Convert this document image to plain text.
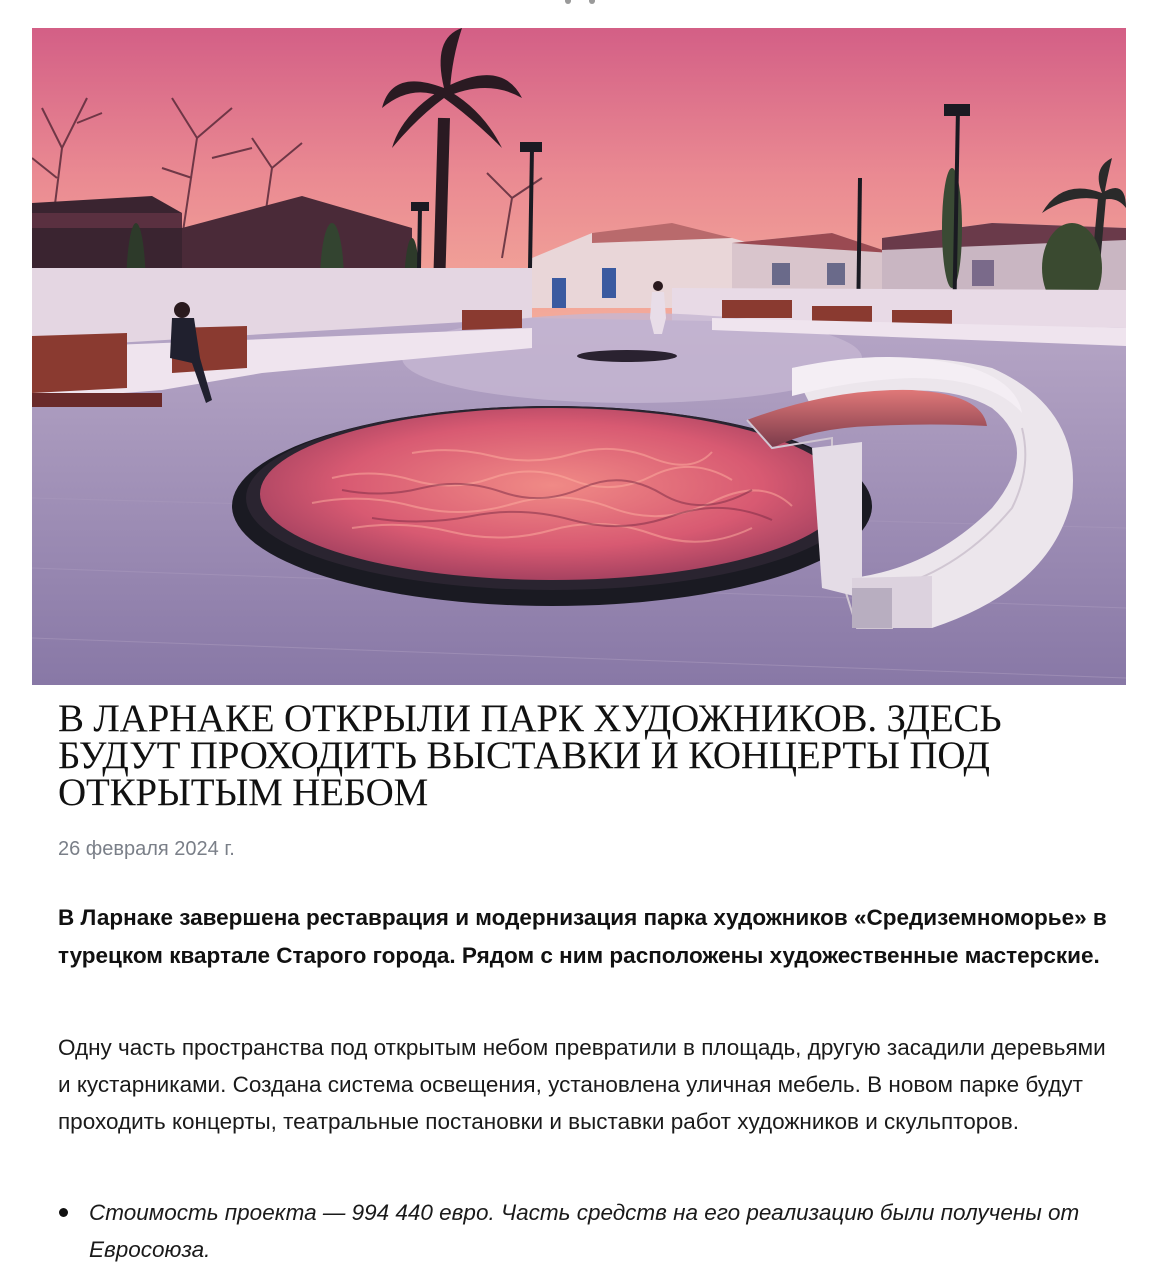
В ЛАРНАКЕ ОТКРЫЛИ ПАРК ХУДОЖНИКОВ. ЗДЕСЬ БУДУТ ПРОХОДИТЬ ВЫСТАВКИ И КОНЦЕРТЫ ПОД ОТКРЫТЫМ НЕБОМ
26 февраля 2024 г.

В Ларнаке завершена реставрация и модернизация парка художников «Средиземноморье» в турецком квартале Старого города. Рядом с ним расположены художественные мастерские.

Одну часть пространства под открытым небом превратили в площадь, другую засадили деревьями и кустарниками. Создана система освещения, установлена уличная мебель. В новом парке будут проходить концерты, театральные постановки и выставки работ художников и скульпторов.

Стоимость проекта — 994 440 евро. Часть средств на его реализацию были получены от Евросоюза.
